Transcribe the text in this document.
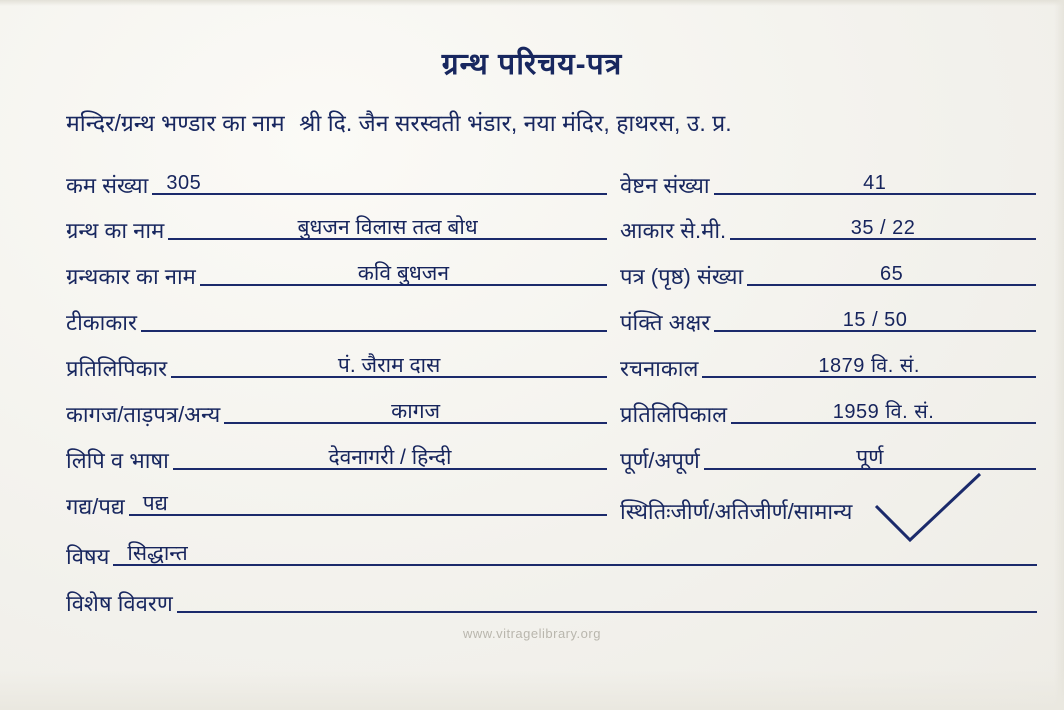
ग्रन्थ परिचय-पत्र
मन्दिर/ग्रन्थ भण्डार का नाम श्री दि. जैन सरस्वती भंडार, नया मंदिर, हाथरस, उ. प्र.
कम संख्या 305
ग्रन्थ का नाम	बुधजन विलास तत्व बोध
ग्रन्थकार का नाम	कवि बुधजन
टीकाकार
प्रतिलिपिकार	पं. जैराम दास
कागज/ताड़पत्र/अन्य	कागज
लिपि व भाषा	देवनागरी / हिन्दी
गद्य/पद्य पद्य
वेष्टन संख्या	41
आकार से.मी.	35 / 22
पत्र (पृष्ठ) संख्या	65
पंक्ति अक्षर	15 / 50
रचनाकाल	1879 वि. सं.
प्रतिलिपिकाल	1959 वि. सं.
पूर्ण/अपूर्ण	पूर्ण
स्थितिःजीर्ण/अतिजीर्ण/सामान्य
विषय सिद्धान्त
विशेष विवरण
www.vitragelibrary.org
